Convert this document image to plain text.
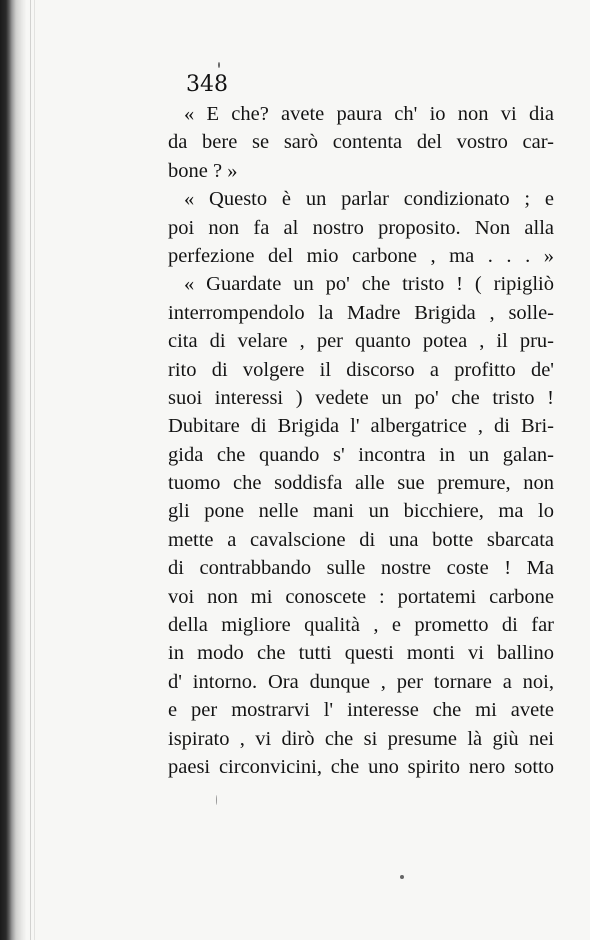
348
« E che? avete paura ch' io non vi dia
da bere se sarò contenta del vostro car-
bone ? »
« Questo è un parlar condizionato ; e
poi non fa al nostro proposito. Non alla
perfezione del mio carbone , ma . . . »
« Guardate un po' che tristo ! ( ripigliò
interrompendolo la Madre Brigida , solle-
cita di velare , per quanto potea , il pru-
rito di volgere il discorso a profitto de'
suoi interessi ) vedete un po' che tristo !
Dubitare di Brigida l' albergatrice , di Bri-
gida che quando s' incontra in un galan-
tuomo che soddisfa alle sue premure, non
gli pone nelle mani un bicchiere, ma lo
mette a cavalscione di una botte sbarcata
di contrabbando sulle nostre coste ! Ma
voi non mi conoscete : portatemi carbone
della migliore qualità , e prometto di far
in modo che tutti questi monti vi ballino
d' intorno. Ora dunque , per tornare a noi,
e per mostrarvi l' interesse che mi avete
ispirato , vi dirò che si presume là giù nei
paesi circonvicini, che uno spirito nero sotto
